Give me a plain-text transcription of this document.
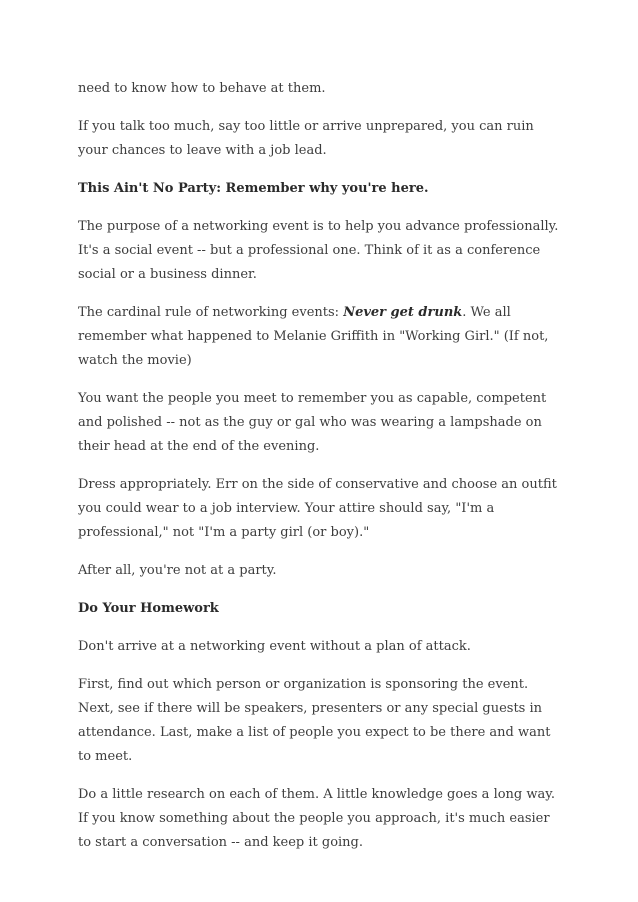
need to know how to behave at them.

If you talk too much, say too little or arrive unprepared, you can ruin your chances to leave with a job lead.

This Ain't No Party: Remember why you're here.

The purpose of a networking event is to help you advance professionally. It's a social event -- but a professional one. Think of it as a conference social or a business dinner.

The cardinal rule of networking events: Never get drunk. We all remember what happened to Melanie Griffith in "Working Girl." (If not, watch the movie)

You want the people you meet to remember you as capable, competent and polished -- not as the guy or gal who was wearing a lampshade on their head at the end of the evening.

Dress appropriately. Err on the side of conservative and choose an outfit you could wear to a job interview. Your attire should say, "I'm a professional," not "I'm a party girl (or boy)."

After all, you're not at a party.

Do Your Homework

Don't arrive at a networking event without a plan of attack.

First, find out which person or organization is sponsoring the event. Next, see if there will be speakers, presenters or any special guests in attendance. Last, make a list of people you expect to be there and want to meet.

Do a little research on each of them. A little knowledge goes a long way. If you know something about the people you approach, it's much easier to start a conversation -- and keep it going.
